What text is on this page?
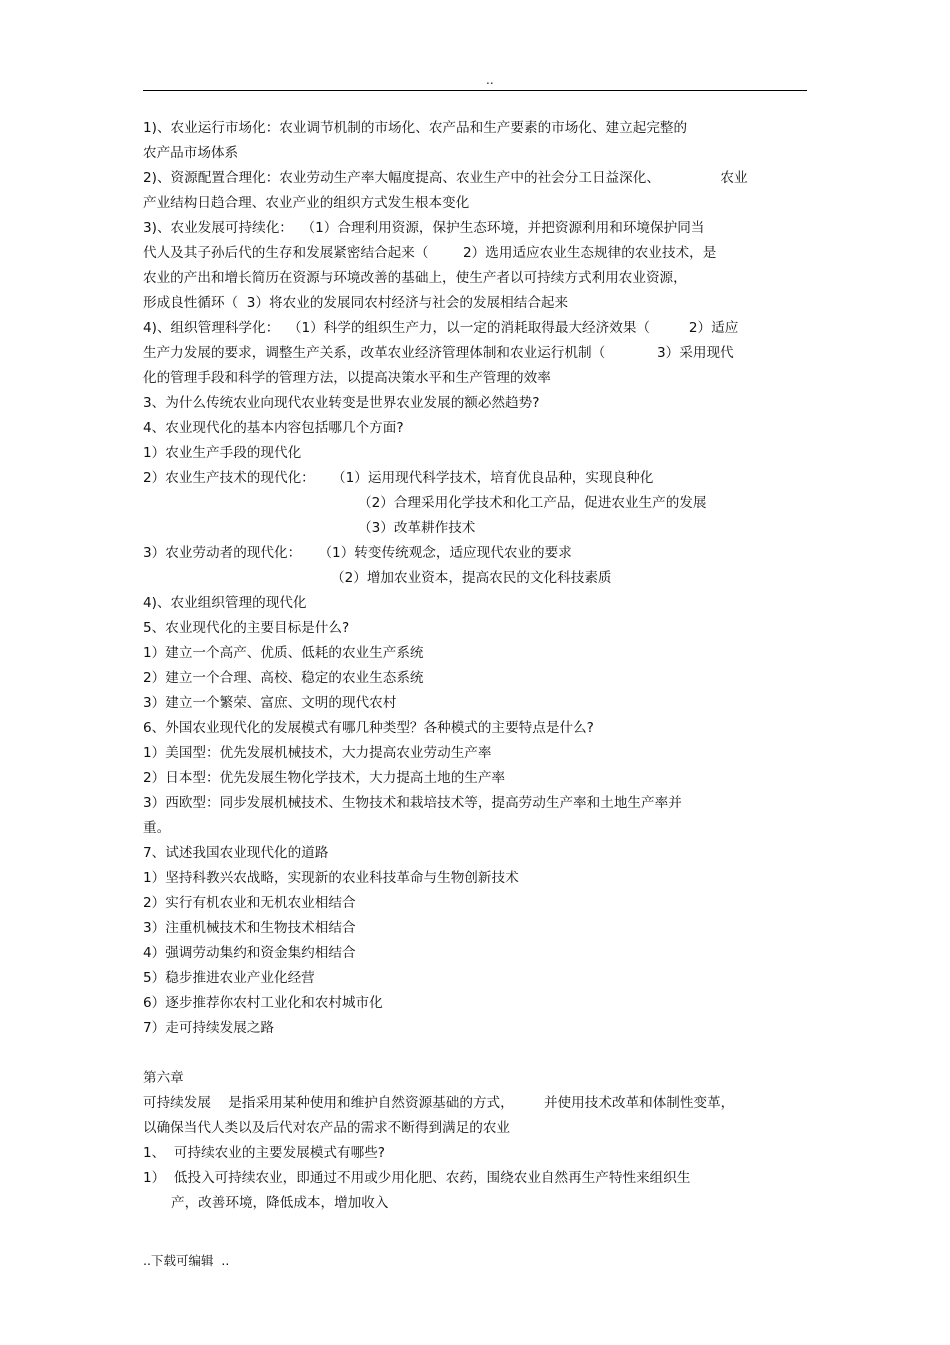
..
1)、农业运行市场化：农业调节机制的市场化、农产品和生产要素的市场化、建立起完整的
农产品市场体系
2)、资源配置合理化：农业劳动生产率大幅度提高、农业生产中的社会分工日益深化、              农业
产业结构日趋合理、农业产业的组织方式发生根本变化
3)、农业发展可持续化：  （1）合理利用资源，保护生态环境，并把资源利用和环境保护同当
代人及其子孙后代的生存和发展紧密结合起来（        2）选用适应农业生态规律的农业技术，是
农业的产出和增长简历在资源与环境改善的基础上，使生产者以可持续方式利用农业资源，
形成良性循环（  3）将农业的发展同农村经济与社会的发展相结合起来
4)、组织管理科学化：  （1）科学的组织生产力，以一定的消耗取得最大经济效果（         2）适应
生产力发展的要求，调整生产关系，改革农业经济管理体制和农业运行机制（            3）采用现代
化的管理手段和科学的管理方法，以提高决策水平和生产管理的效率
3、为什么传统农业向现代农业转变是世界农业发展的额必然趋势?
4、农业现代化的基本内容包括哪几个方面?
1）农业生产手段的现代化
2）农业生产技术的现代化：    （1）运用现代科学技术，培育优良品种，实现良种化
（2）合理采用化学技术和化工产品，促进农业生产的发展
（3）改革耕作技术
3）农业劳动者的现代化：    （1）转变传统观念，适应现代农业的要求
（2）增加农业资本，提高农民的文化科技素质
4)、农业组织管理的现代化
5、农业现代化的主要目标是什么?
1）建立一个高产、优质、低耗的农业生产系统
2）建立一个合理、高校、稳定的农业生态系统
3）建立一个繁荣、富庶、文明的现代农村
6、外国农业现代化的发展模式有哪几种类型？各种模式的主要特点是什么?
1）美国型：优先发展机械技术，大力提高农业劳动生产率
2）日本型：优先发展生物化学技术，大力提高土地的生产率
3）西欧型：同步发展机械技术、生物技术和栽培技术等，提高劳动生产率和土地生产率并
重。
7、试述我国农业现代化的道路
1）坚持科教兴农战略，实现新的农业科技革命与生物创新技术
2）实行有机农业和无机农业相结合
3）注重机械技术和生物技术相结合
4）强调劳动集约和资金集约相结合
5）稳步推进农业产业化经营
6）逐步推荐你农村工业化和农村城市化
7）走可持续发展之路
第六章
可持续发展    是指采用某种使用和维护自然资源基础的方式，       并使用技术改革和体制性变革，
以确保当代人类以及后代对农产品的需求不断得到满足的农业
1、  可持续农业的主要发展模式有哪些?
1）  低投入可持续农业，即通过不用或少用化肥、农药，围绕农业自然再生产特性来组织生
产，改善环境，降低成本，增加收入
..下载可编辑  ..
